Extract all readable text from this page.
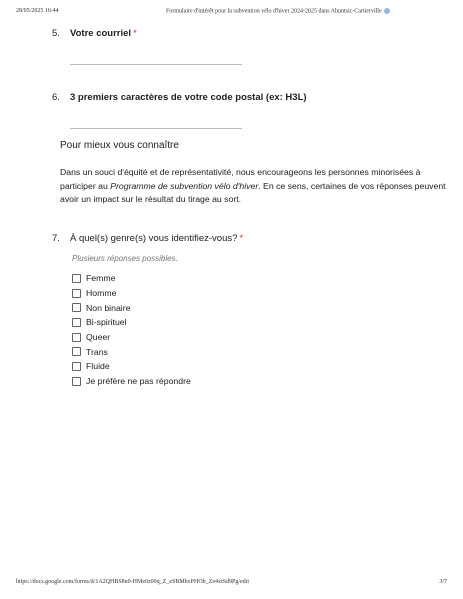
28/05/2025 16:44	Formulaire d'intérêt pour la subvention vélo d'hiver 2024-2025 dans Ahuntsic-Cartierville
5. Votre courriel *
6. 3 premiers caractères de votre code postal (ex: H3L)
Pour mieux vous connaître
Dans un souci d'équité et de représentativité, nous encourageons les personnes minorisées à participer au Programme de subvention vélo d'hiver. En ce sens, certaines de vos réponses peuvent avoir un impact sur le résultat du tirage au sort.
7. À quel(s) genre(s) vous identifiez-vous? *
Plusieurs réponses possibles.
Femme
Homme
Non binaire
Bi-spirituel
Queer
Trans
Fluide
Je préfère ne pas répondre
https://docs.google.com/forms/d/1A2QHBS8n0-HMe0z00q_Z_eSBMbxPHOb_Ze4xtSd9Pg/edit	3/7
